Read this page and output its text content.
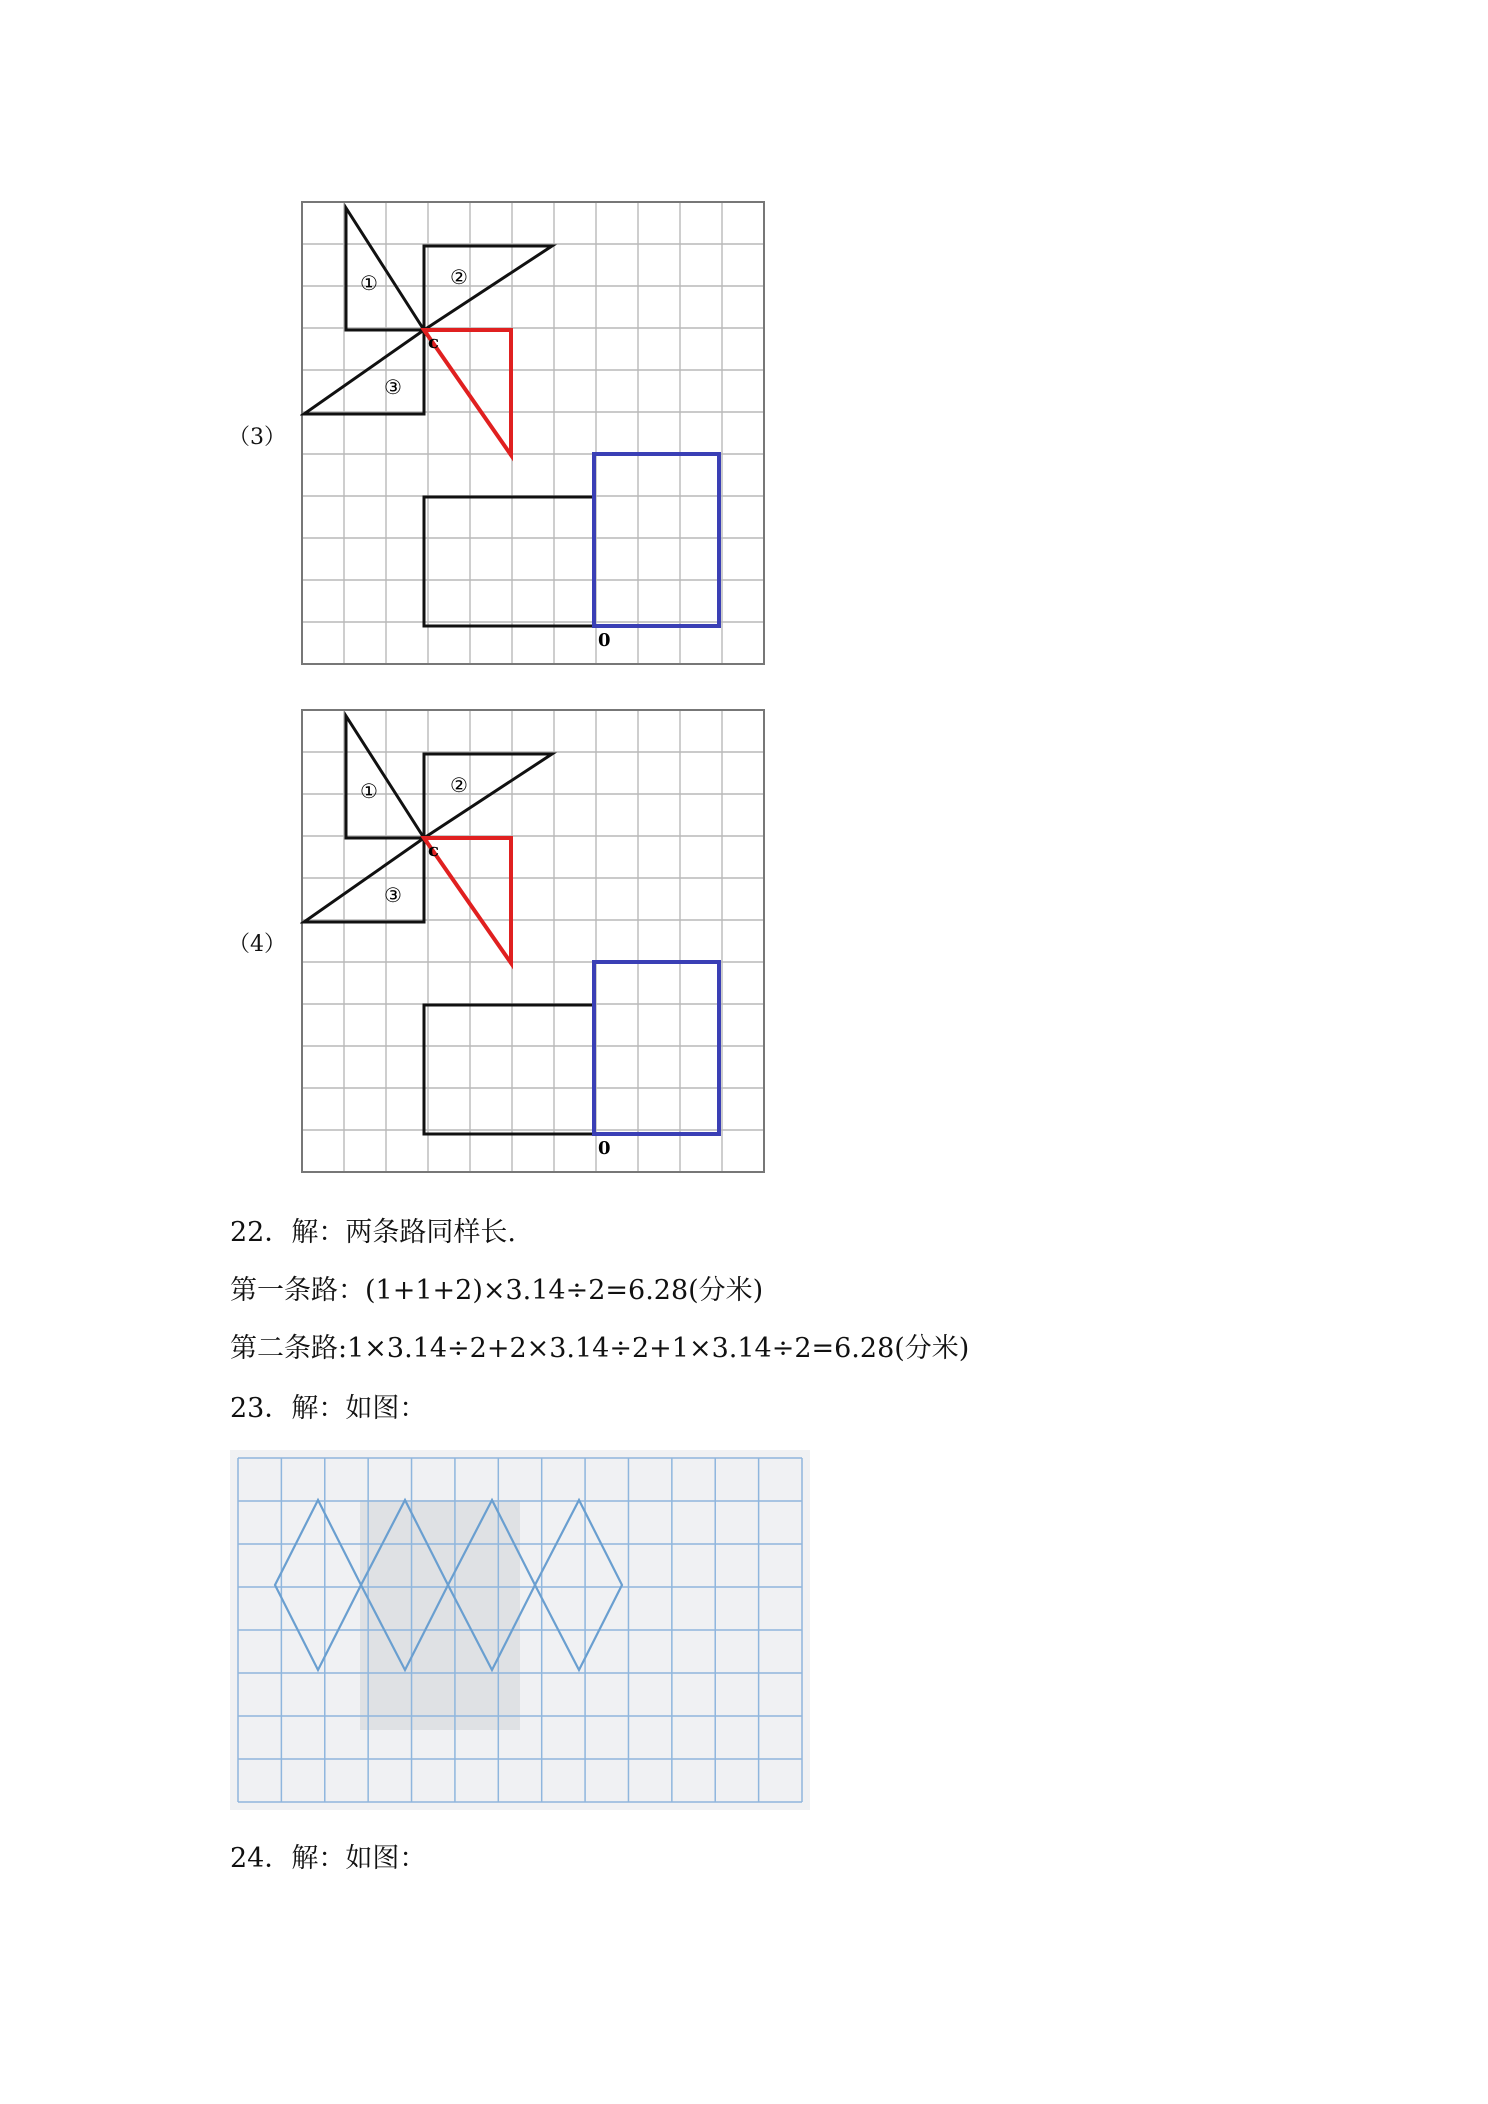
（3）
①	②
③
c
0
（4）
①	②
③
c
0
22．解：两条路同样长.
第一条路：(1+1+2)×3.14÷2=6.28(分米)
第二条路:1×3.14÷2+2×3.14÷2+1×3.14÷2=6.28(分米)
23．解：如图：
24．解：如图：
